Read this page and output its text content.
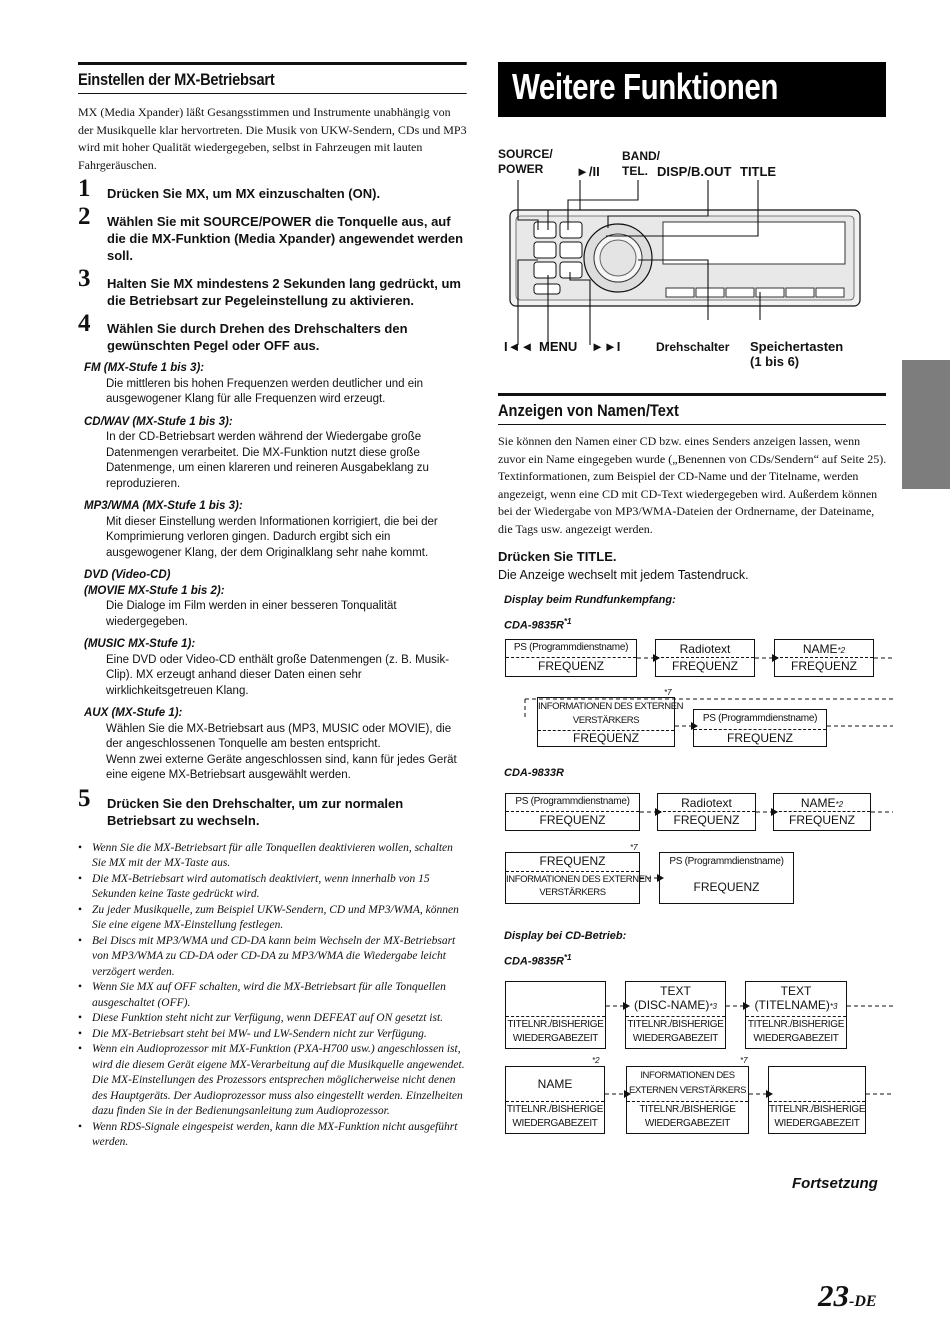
Einstellen der MX-Betriebsart

MX (Media Xpander) läßt Gesangsstimmen und Instrumente unabhängig von der Musikquelle klar hervortreten. Die Musik von UKW-Sendern, CDs und MP3 wird mit hoher Qualität wiedergegeben, selbst in Fahrzeugen mit lauten Fahrgeräuschen.

1 Drücken Sie MX, um MX einzuschalten (ON).
2 Wählen Sie mit SOURCE/POWER die Tonquelle aus, auf die die MX-Funktion (Media Xpander) angewendet werden soll.
3 Halten Sie MX mindestens 2 Sekunden lang gedrückt, um die Betriebsart zur Pegeleinstellung zu aktivieren.
4 Wählen Sie durch Drehen des Drehschalters den gewünschten Pegel oder OFF aus.
FM (MX-Stufe 1 bis 3):
Die mittleren bis hohen Frequenzen werden deutlicher und ein ausgewogener Klang für alle Frequenzen wird erzeugt.
CD/WAV (MX-Stufe 1 bis 3):
In der CD-Betriebsart werden während der Wiedergabe große Datenmengen verarbeitet. Die MX-Funktion nutzt diese große Datenmenge, um einen klareren und reineren Ausgabeklang zu reproduzieren.
MP3/WMA (MX-Stufe 1 bis 3):
Mit dieser Einstellung werden Informationen korrigiert, die bei der Komprimierung verloren gingen. Dadurch ergibt sich ein ausgewogener Klang, der dem Originalklang sehr nahe kommt.
DVD (Video-CD)
(MOVIE MX-Stufe 1 bis 2):
Die Dialoge im Film werden in einer besseren Tonqualität wiedergegeben.
(MUSIC MX-Stufe 1):
Eine DVD oder Video-CD enthält große Datenmengen (z. B. Musik-Clip). MX erzeugt anhand dieser Daten einen sehr wirklichkeitsgetreuen Klang.
AUX (MX-Stufe 1):
Wählen Sie die MX-Betriebsart aus (MP3, MUSIC oder MOVIE), die der angeschlossenen Tonquelle am besten entspricht.
Wenn zwei externe Geräte angeschlossen sind, kann für jedes Gerät eine eigene MX-Betriebsart ausgewählt werden.
5 Drücken Sie den Drehschalter, um zur normalen Betriebsart zu wechseln.
• Wenn Sie die MX-Betriebsart für alle Tonquellen deaktivieren wollen, schalten Sie MX mit der MX-Taste aus.
• Die MX-Betriebsart wird automatisch deaktiviert, wenn innerhalb von 15 Sekunden keine Taste gedrückt wird.
• Zu jeder Musikquelle, zum Beispiel UKW-Sendern, CD und MP3/WMA, können Sie eine eigene MX-Einstellung festlegen.
• Bei Discs mit MP3/WMA und CD-DA kann beim Wechseln der MX-Betriebsart von MP3/WMA zu CD-DA oder CD-DA zu MP3/WMA die Wiedergabe leicht verzögert werden.
• Wenn Sie MX auf OFF schalten, wird die MX-Betriebsart für alle Tonquellen ausgeschaltet (OFF).
• Diese Funktion steht nicht zur Verfügung, wenn DEFEAT auf ON gesetzt ist.
• Die MX-Betriebsart steht bei MW- und LW-Sendern nicht zur Verfügung.
• Wenn ein Audioprozessor mit MX-Funktion (PXA-H700 usw.) angeschlossen ist, wird die diesem Gerät eigene MX-Verarbeitung auf die Musikquelle angewendet. Die MX-Einstellungen des Prozessors entsprechen möglicherweise nicht denen des Hauptgeräts. Der Audioprozessor muss also eingestellt werden. Einzelheiten dazu finden Sie in der Bedienungsanleitung zum Audioprozessor.
• Wenn RDS-Signale eingespeist werden, kann die MX-Funktion nicht ausgeführt werden.
Weitere Funktionen
SOURCE/
POWER	►/II
BAND/
TEL. DISP/B.OUT TITLE
I◄◄ MENU ►►I	Drehschalter Speichertasten
(1 bis 6)
Anzeigen von Namen/Text

Sie können den Namen einer CD bzw. eines Senders anzeigen lassen, wenn zuvor ein Name eingegeben wurde („Benennen von CDs/Sendern“ auf Seite 25). Textinformationen, zum Beispiel der CD-Name und der Titelname, werden angezeigt, wenn eine CD mit CD-Text wiedergegeben wird. Außerdem können bei der Wiedergabe von MP3/WMA-Dateien der Ordnername, der Dateiname, die Tags usw. angezeigt werden.

Drücken Sie TITLE.
Die Anzeige wechselt mit jedem Tastendruck.
Display beim Rundfunkempfang:
CDA-9835R$^{*1}$
PS (Programmdienstname)
FREQUENZ
Radiotext
FREQUENZ
NAME*2
FREQUENZ
*7
INFORMATIONEN DES EXTERNEN
VERSTÄRKERS
FREQUENZ
PS (Programmdienstname)
FREQUENZ
CDA-9833R
PS (Programmdienstname)
FREQUENZ
Radiotext
FREQUENZ
NAME*2
FREQUENZ
*7
FREQUENZ
INFORMATIONEN DES EXTERNEN
VERSTÄRKERS
PS (Programmdienstname)
FREQUENZ
Display bei CD-Betrieb:
CDA-9835R$^{*1}$
TITELNR./BISHERIGE
WIEDERGABEZEIT
TEXT
(DISC-NAME)*3
TITELNR./BISHERIGE
WIEDERGABEZEIT
TEXT
(TITELNAME)*3
TITELNR./BISHERIGE
WIEDERGABEZEIT
*2
NAME
TITELNR./BISHERIGE
WIEDERGABEZEIT
*7
INFORMATIONEN DES
EXTERNEN VERSTÄRKERS
TITELNR./BISHERIGE
WIEDERGABEZEIT
TITELNR./BISHERIGE
WIEDERGABEZEIT
Fortsetzung
23-DE
